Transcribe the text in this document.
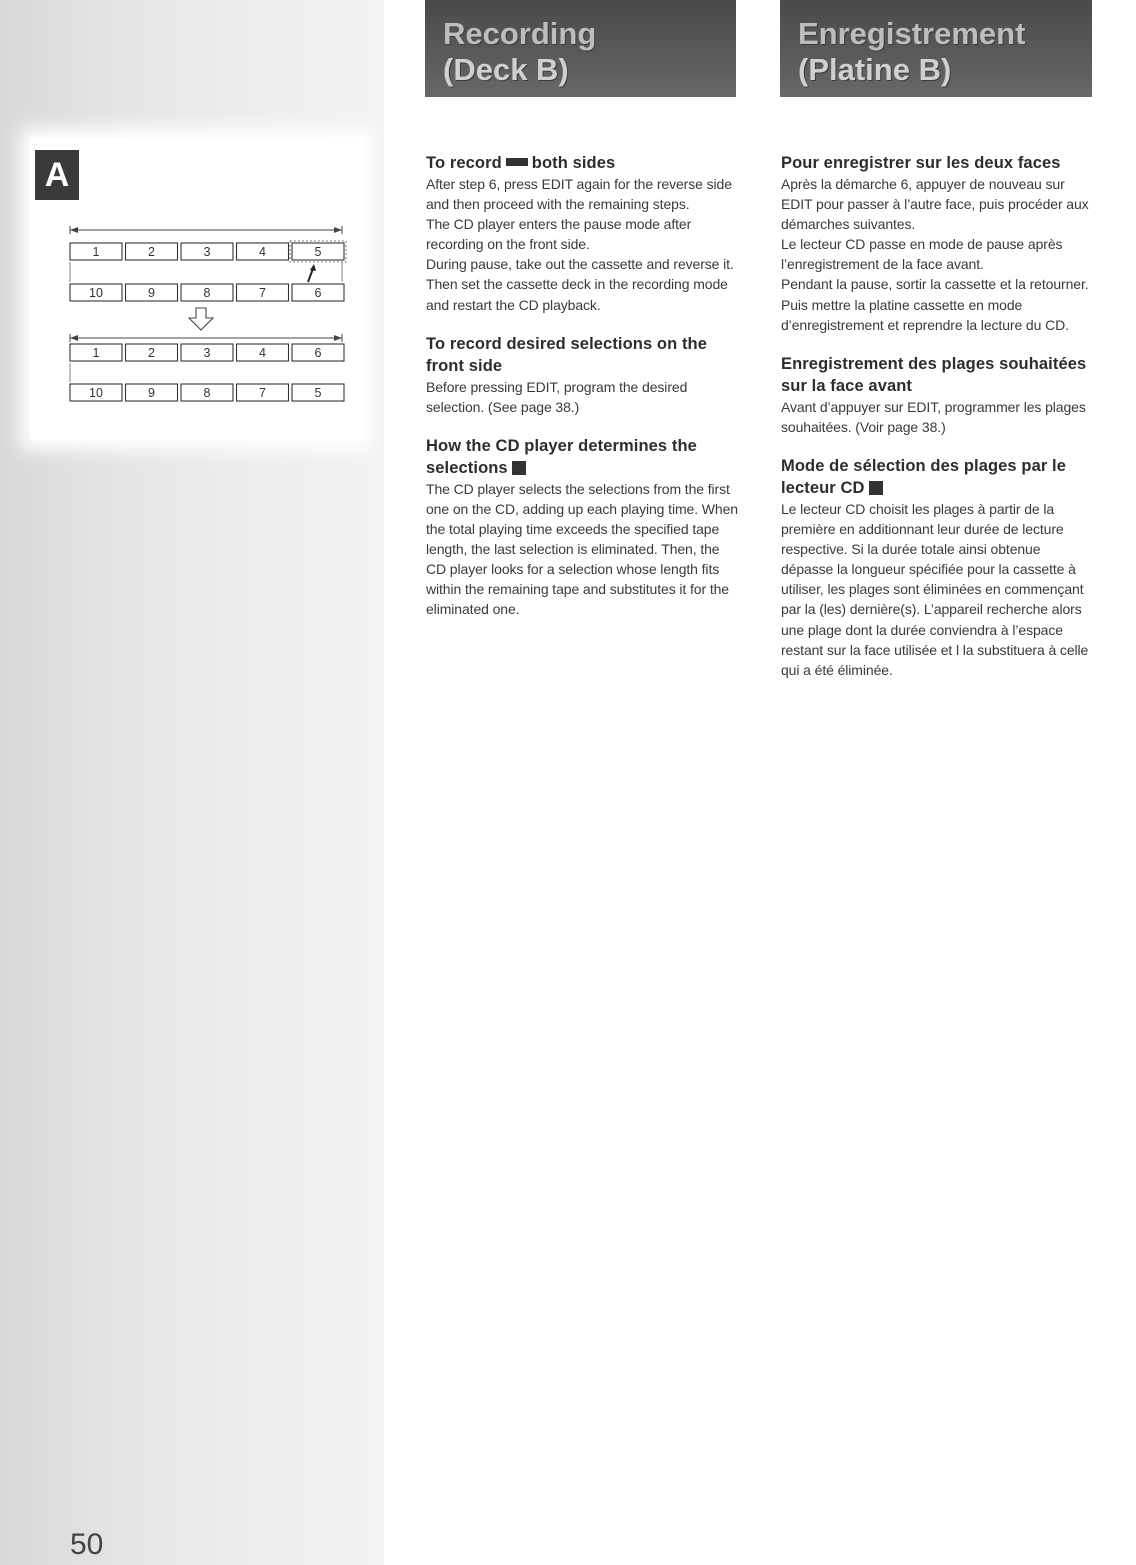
A
1	2	3	4	5
10	9	8	7	6
1	2	3	4	6
10	9	8	7	5
50
Recording
(Deck B)
Enregistrement
(Platine B)
To record both sides
After step 6, press EDIT again for the reverse side and then proceed with the remaining steps.
The CD player enters the pause mode after recording on the front side.
During pause, take out the cassette and reverse it. Then set the cassette deck in the recording mode and restart the CD playback.
To record desired selections on the front side
Before pressing EDIT, program the desired selection. (See page 38.)
How the CD player determines the selections
The CD player selects the selections from the first one on the CD, adding up each playing time. When the total playing time exceeds the specified tape length, the last selection is eliminated. Then, the CD player looks for a selection whose length fits within the remaining tape and substitutes it for the eliminated one.
Pour enregistrer sur les deux faces
Après la démarche 6, appuyer de nouveau sur EDIT pour passer à l’autre face, puis procéder aux démarches suivantes.
Le lecteur CD passe en mode de pause après l’enregistrement de la face avant.
Pendant la pause, sortir la cassette et la retourner. Puis mettre la platine cassette en mode d’enregistrement et reprendre la lecture du CD.
Enregistrement des plages souhaitées sur la face avant
Avant d’appuyer sur EDIT, programmer les plages souhaitées. (Voir page 38.)
Mode de sélection des plages par le lecteur CD
Le lecteur CD choisit les plages à partir de la première en additionnant leur durée de lecture respective. Si la durée totale ainsi obtenue dépasse la longueur spécifiée pour la cassette à utiliser, les plages sont éliminées en commençant par la (les) dernière(s). L’appareil recherche alors une plage dont la durée conviendra à l’espace restant sur la face utilisée et l la substituera à celle qui a été éliminée.
